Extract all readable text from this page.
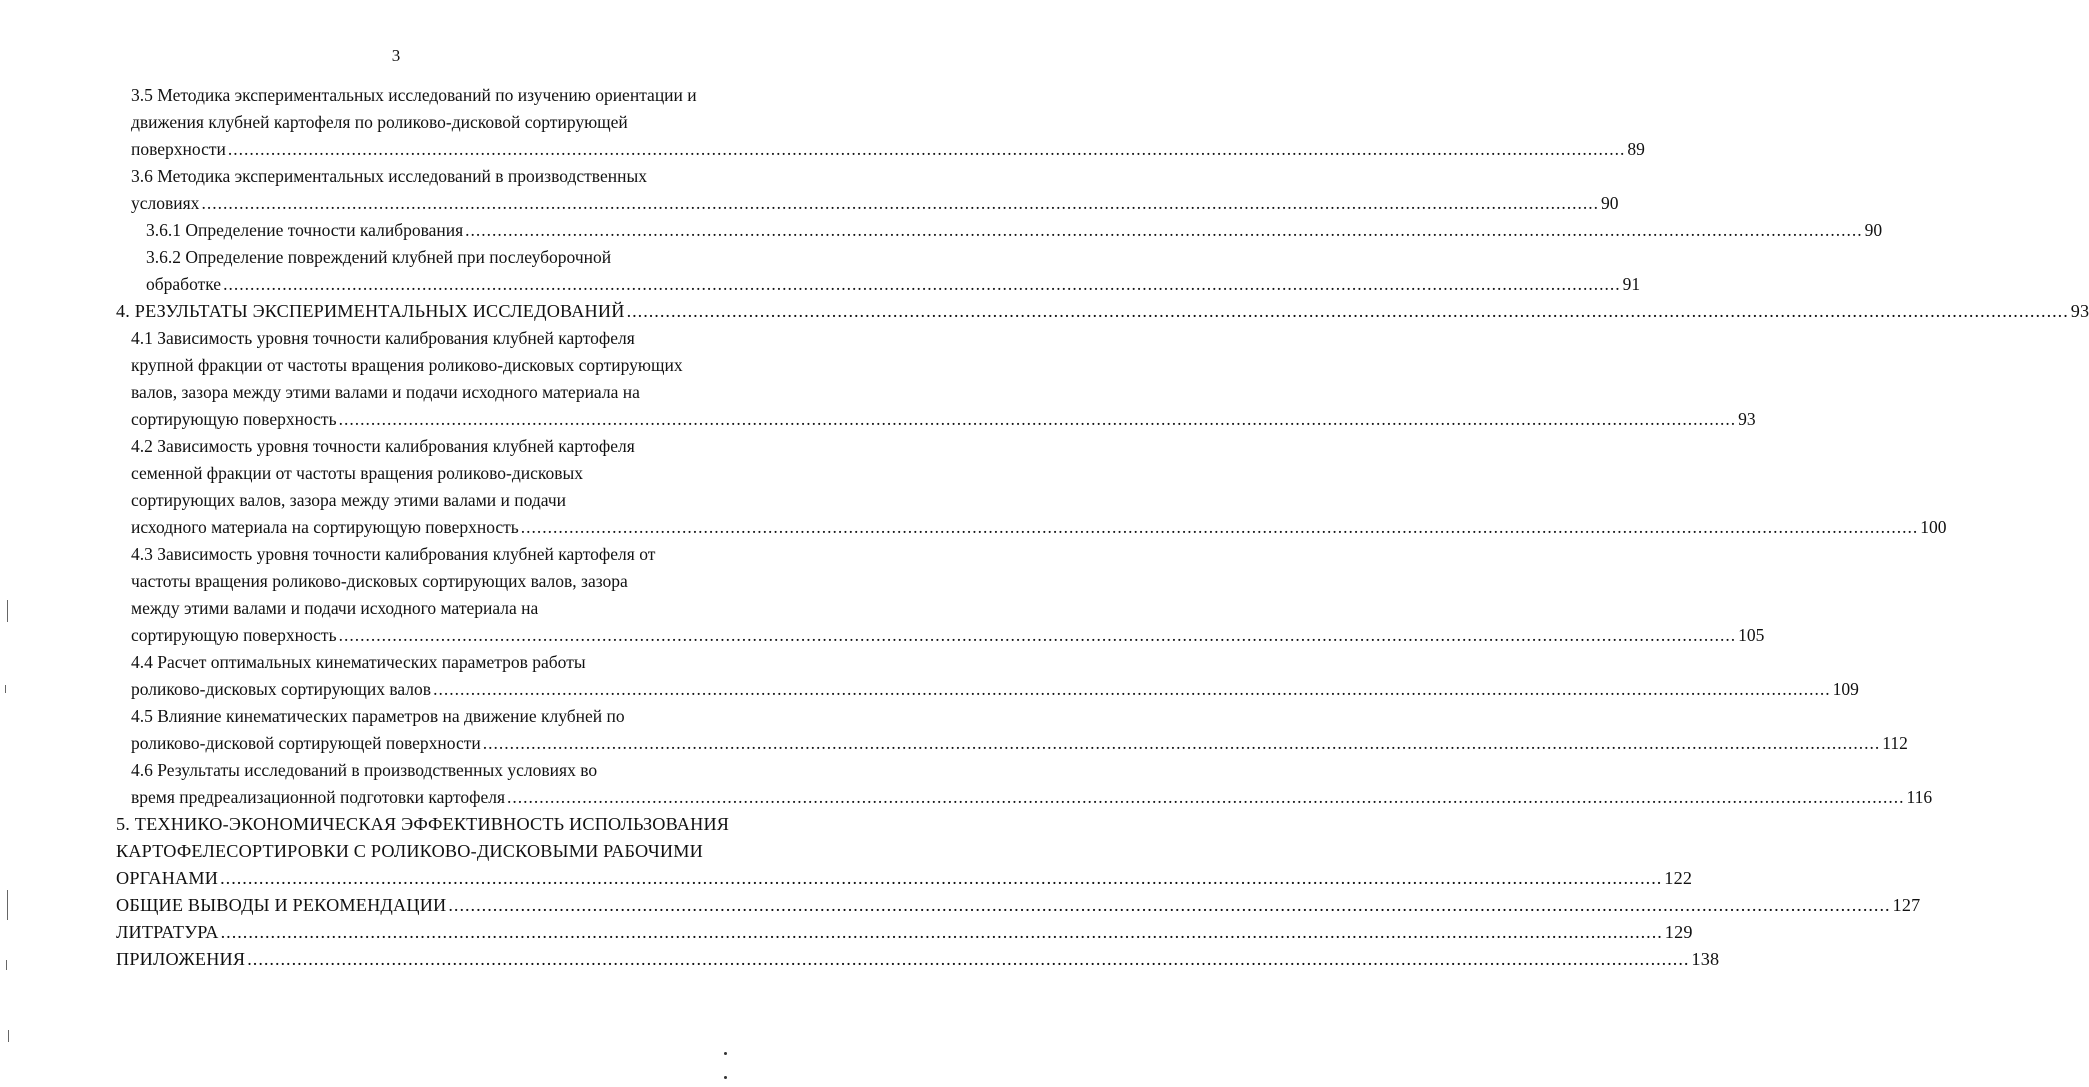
3
3.5 Методика экспериментальных исследований по изучению ориентации и
движения клубней картофеля по роликово-дисковой сортирующей
поверхности .................................................................................................................................................................................................................................................................... 89
3.6 Методика экспериментальных исследований в производственных
условиях .................................................................................................................................................................................................................................................................... 90
3.6.1 Определение точности калибрования .................................................................................................................................................................................................................................................................... 90
3.6.2 Определение повреждений клубней при послеуборочной
обработке .................................................................................................................................................................................................................................................................... 91
4. РЕЗУЛЬТАТЫ ЭКСПЕРИМЕНТАЛЬНЫХ ИССЛЕДОВАНИЙ .................................................................................................................................................................................................................................................................... 93
4.1 Зависимость уровня точности калибрования клубней картофеля
крупной фракции от частоты вращения роликово-дисковых сортирующих
валов, зазора между этими валами и подачи исходного материала на
сортирующую поверхность .................................................................................................................................................................................................................................................................... 93
4.2 Зависимость уровня точности калибрования клубней картофеля
семенной фракции от частоты вращения роликово-дисковых
сортирующих валов, зазора между этими валами и подачи
исходного материала на сортирующую поверхность .................................................................................................................................................................................................................................................................... 100
4.3 Зависимость уровня точности калибрования клубней картофеля от
частоты вращения роликово-дисковых сортирующих валов, зазора
между этими валами и подачи исходного материала на
сортирующую поверхность .................................................................................................................................................................................................................................................................... 105
4.4 Расчет оптимальных кинематических параметров работы
роликово-дисковых сортирующих валов .................................................................................................................................................................................................................................................................... 109
4.5 Влияние кинематических параметров на движение клубней по
роликово-дисковой сортирующей поверхности .................................................................................................................................................................................................................................................................... 112
4.6 Результаты исследований в производственных условиях во
время предреализационной подготовки картофеля .................................................................................................................................................................................................................................................................... 116
5. ТЕХНИКО-ЭКОНОМИЧЕСКАЯ ЭФФЕКТИВНОСТЬ ИСПОЛЬЗОВАНИЯ
КАРТОФЕЛЕСОРТИРОВКИ С РОЛИКОВО-ДИСКОВЫМИ РАБОЧИМИ
ОРГАНАМИ .................................................................................................................................................................................................................................................................... 122
ОБЩИЕ ВЫВОДЫ И РЕКОМЕНДАЦИИ .................................................................................................................................................................................................................................................................... 127
ЛИТРАТУРА .................................................................................................................................................................................................................................................................... 129
ПРИЛОЖЕНИЯ .................................................................................................................................................................................................................................................................... 138
